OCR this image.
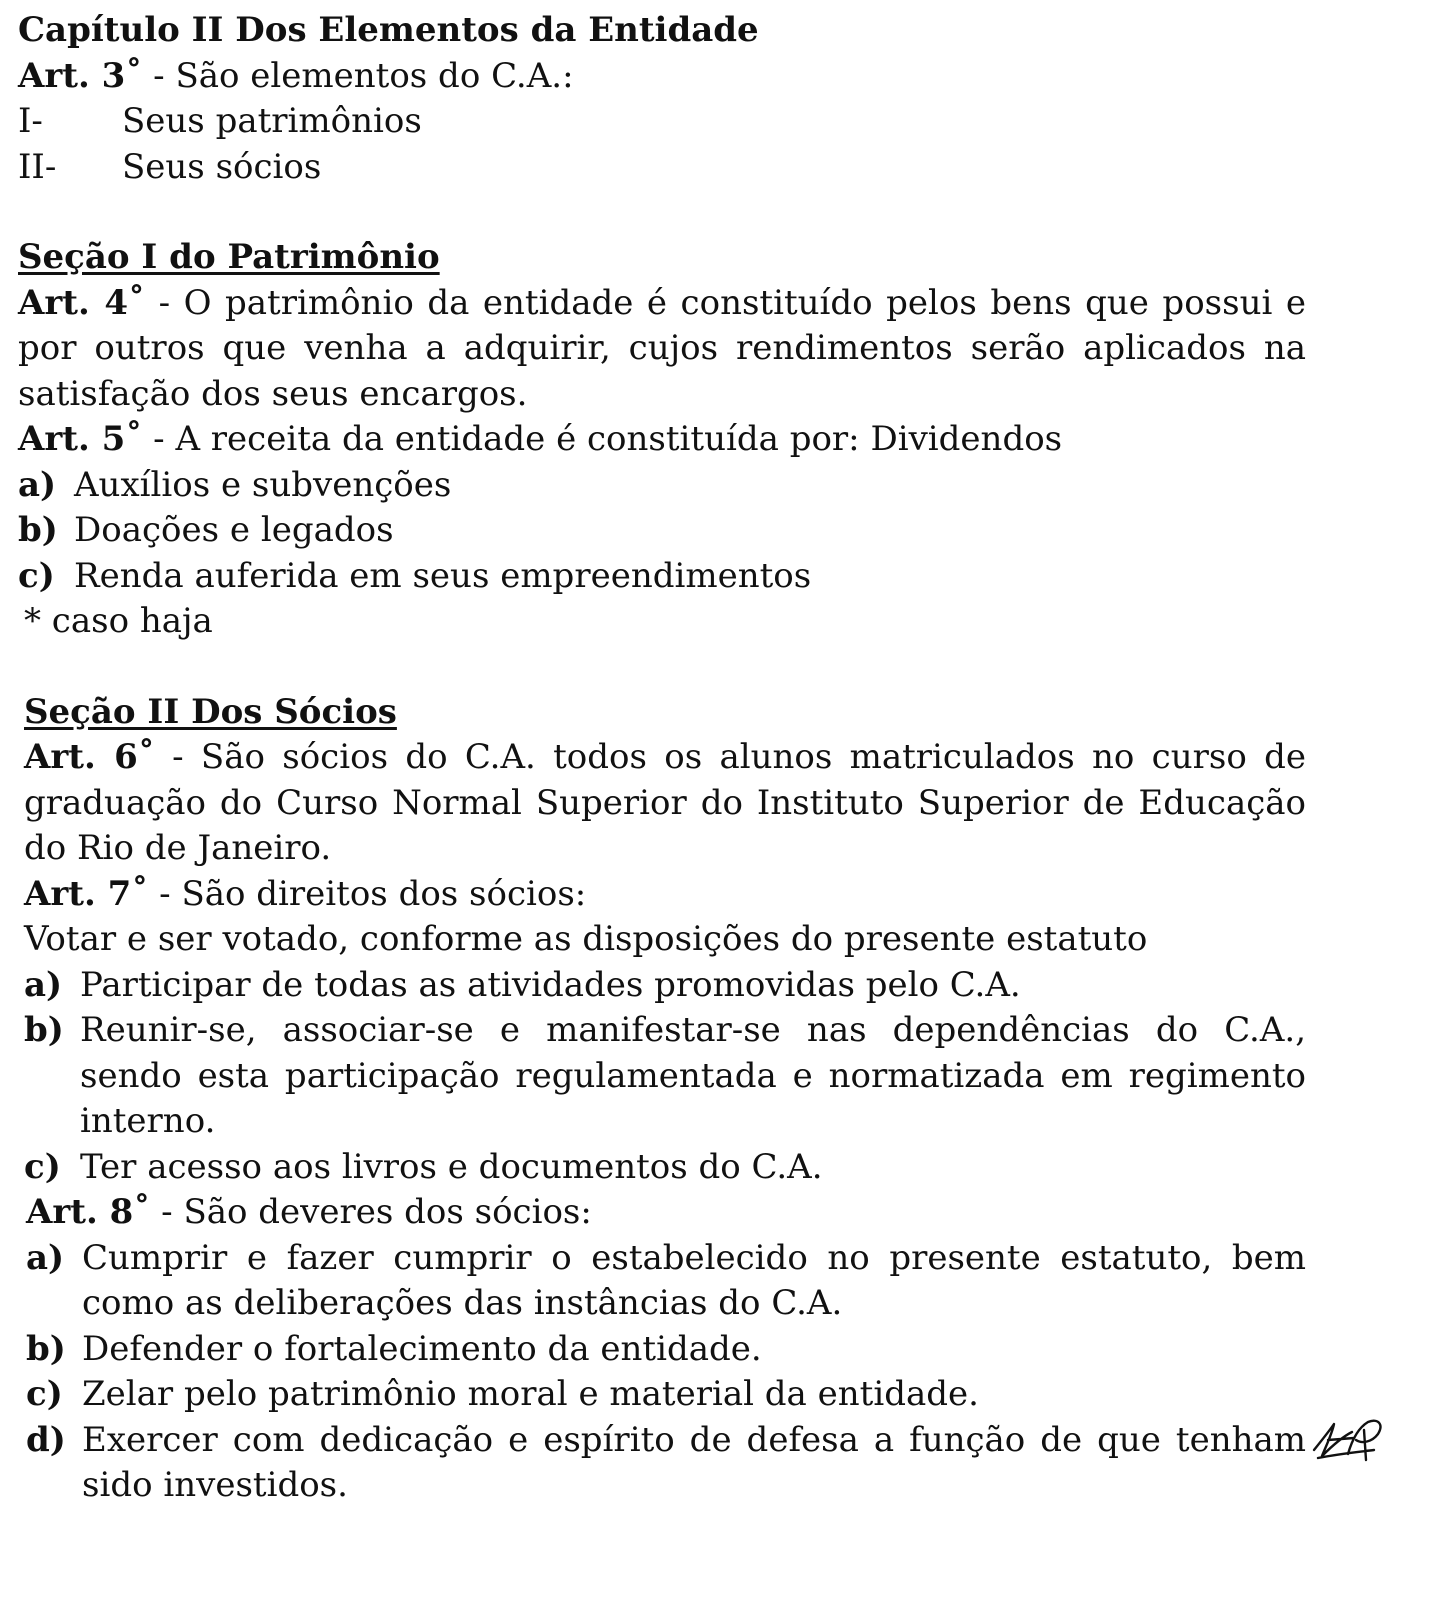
Capítulo II Dos Elementos da Entidade
Art. 3˚ - São elementos do C.A.:
I-	Seus patrimônios
II-	Seus sócios
Seção I do Patrimônio
Art. 4˚ - O patrimônio da entidade é constituído pelos bens que possui e por outros que venha a adquirir, cujos rendimentos serão aplicados na satisfação dos seus encargos.
Art. 5˚ - A receita da entidade é constituída por: Dividendos
a) Auxílios e subvenções
b) Doações e legados
c) Renda auferida em seus empreendimentos
* caso haja
Seção II Dos Sócios
Art. 6˚ - São sócios do C.A. todos os alunos matriculados no curso de graduação do Curso Normal Superior do Instituto Superior de Educação do Rio de Janeiro.
Art. 7˚ - São direitos dos sócios:
Votar e ser votado, conforme as disposições do presente estatuto
a) Participar de todas as atividades promovidas pelo C.A.
b) Reunir-se, associar-se e manifestar-se nas dependências do C.A., sendo esta participação regulamentada e normatizada em regimento interno.
c) Ter acesso aos livros e documentos do C.A.
Art. 8˚ - São deveres dos sócios:
a) Cumprir e fazer cumprir o estabelecido no presente estatuto, bem como as deliberações das instâncias do C.A.
b) Defender o fortalecimento da entidade.
c) Zelar pelo patrimônio moral e material da entidade.
d) Exercer com dedicação e espírito de defesa a função de que tenham sido investidos.
